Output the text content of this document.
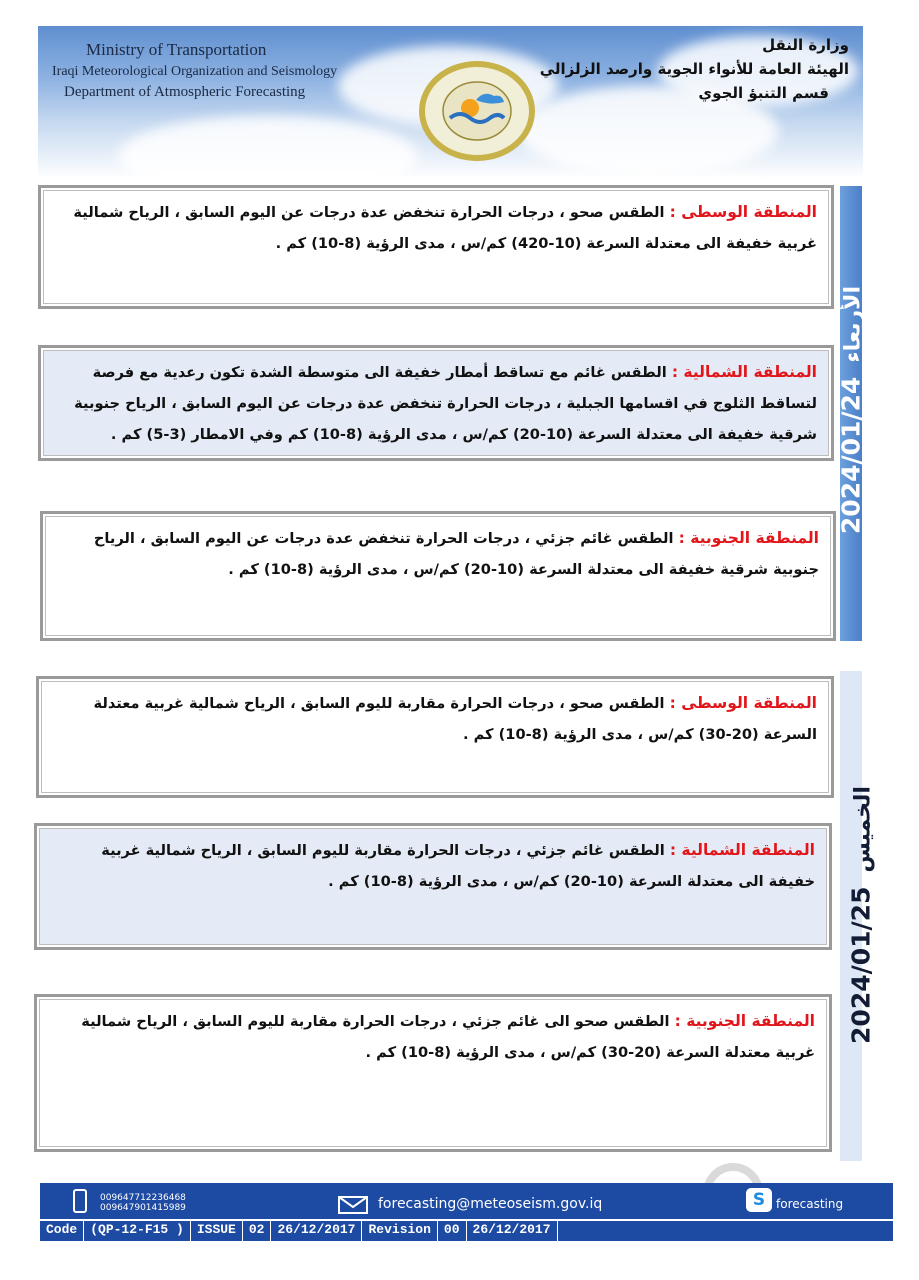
Ministry of Transportation
Iraqi Meteorological Organization and Seismology
Department of Atmospheric Forecasting
وزارة النقل
الهيئة العامة للأنواء الجوية وارصد الزلزالي
قسم التنبؤ الجوي
2024/01/24الأربعاء
2024/01/25الخميس
المنطقة الوسطى : الطقس صحو ، درجات الحرارة تنخفض عدة درجات عن اليوم السابق ، الرياح شمالية غربية خفيفة الى معتدلة السرعة (10-420) كم/س ، مدى الرؤية (8-10) كم .
المنطقة الشمالية : الطقس غائم مع تساقط أمطار خفيفة الى متوسطة الشدة تكون رعدية مع فرصة لتساقط الثلوج في اقسامها الجبلية ، درجات الحرارة تنخفض عدة درجات عن اليوم السابق ، الرياح جنوبية شرقية خفيفة الى معتدلة السرعة (10-20) كم/س ، مدى الرؤية (8-10) كم وفي الامطار (3-5) كم .
المنطقة الجنوبية : الطقس غائم جزئي ، درجات الحرارة تنخفض عدة درجات عن اليوم السابق ، الرياح جنوبية شرقية خفيفة الى معتدلة السرعة (10-20) كم/س ، مدى الرؤية (8-10) كم .
المنطقة الوسطى : الطقس صحو ، درجات الحرارة مقاربة لليوم السابق ، الرياح شمالية غربية معتدلة السرعة (20-30) كم/س ، مدى الرؤية (8-10) كم .
المنطقة الشمالية : الطقس غائم جزئي ، درجات الحرارة مقاربة لليوم السابق ، الرياح شمالية غربية خفيفة الى معتدلة السرعة (10-20) كم/س ، مدى الرؤية (8-10) كم .
المنطقة الجنوبية : الطقس صحو الى غائم جزئي ، درجات الحرارة مقاربة لليوم السابق ، الرياح شمالية غربية معتدلة السرعة (20-30) كم/س ، مدى الرؤية (8-10) كم .
009647712236468
009647901415989	forecasting@meteoseism.gov.iq	S forecasting
Code	(QP-12-F15 )	ISSUE	02	26/12/2017	Revision	00	26/12/2017
